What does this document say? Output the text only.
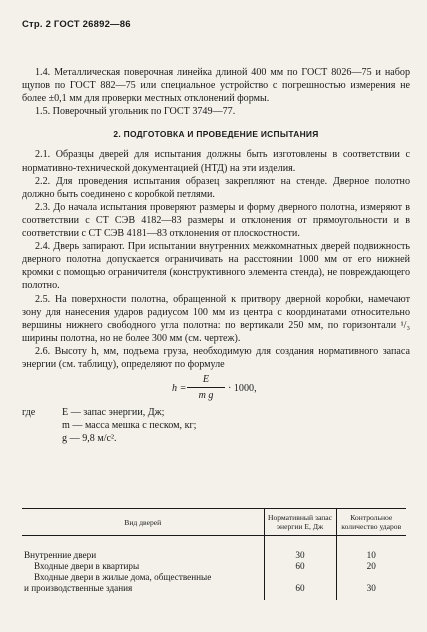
Стр. 2 ГОСТ 26892—86

1.4. Металлическая поверочная линейка длиной 400 мм по ГОСТ 8026—75 и набор щупов по ГОСТ 882—75 или специальное устройство с погрешностью измерения не более ±0,1 мм для проверки местных отклонений формы.

1.5. Поверочный угольник по ГОСТ 3749—77.

2. ПОДГОТОВКА И ПРОВЕДЕНИЕ ИСПЫТАНИЯ

2.1. Образцы дверей для испытания должны быть изготовлены в соответствии с нормативно-технической документацией (НТД) на эти изделия.

2.2. Для проведения испытания образец закрепляют на стенде. Дверное полотно должно быть соединено с коробкой петлями.

2.3. До начала испытания проверяют размеры и форму дверного полотна, измеряют в соответствии с СТ СЭВ 4182—83 размеры и отклонения от прямоугольности и в соответствии с СТ СЭВ 4181—83 отклонения от плоскостности.

2.4. Дверь запирают. При испытании внутренних межкомнатных дверей подвижность дверного полотна допускается ограничивать на расстоянии 1000 мм от его нижней кромки с помощью ограничителя (конструктивного элемента стенда), не повреждающего полотно.

2.5. На поверхности полотна, обращенной к притвору дверной коробки, намечают зону для нанесения ударов радиусом 100 мм из центра с координатами относительно вершины нижнего свободного угла полотна: по вертикали 250 мм, по горизонтали ¹/₃ ширины полотна, но не более 300 мм (см. чертеж).

2.6. Высоту h, мм, подъема груза, необходимую для создания нормативного запаса энергии (см. таблицу), определяют по формуле

$h = \frac{E}{\text{m g}} \cdot 1000$,
где	E — запас энергии, Дж;
m — масса мешка с песком, кг;
g — 9,8 м/с².
Вид дверей	Нормативный запас энергии E, Дж	Контрольное количество ударов

Внутренние двери	30	10
Входные двери в квартиры	60	20
Входные двери в жилые дома, общественные		
и производственные здания	60	30
